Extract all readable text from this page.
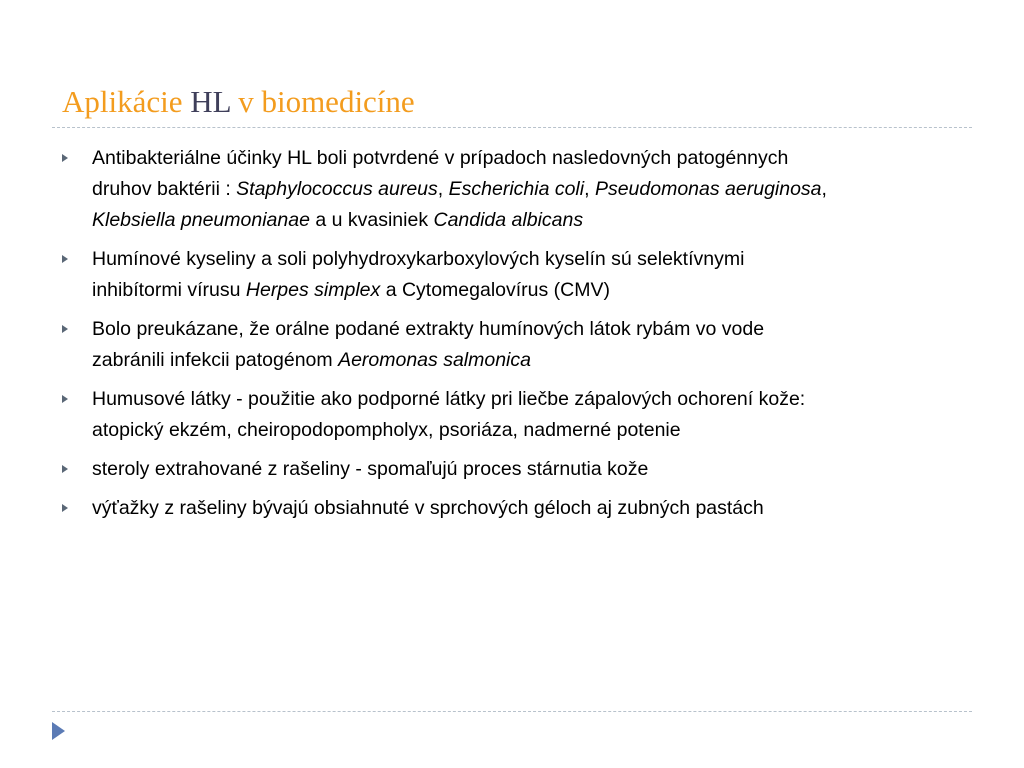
Aplikácie HL v biomedicíne
Antibakteriálne účinky HL boli potvrdené v prípadoch nasledovných patogénnych
druhov baktérii : Staphylococcus aureus, Escherichia coli, Pseudomonas aeruginosa,
Klebsiella pneumonianae a u kvasiniek Candida albicans
Humínové kyseliny a soli polyhydroxykarboxylových kyselín sú selektívnymi
inhibítormi vírusu Herpes simplex a Cytomegalovírus (CMV)
Bolo preukázane, že orálne podané extrakty humínových látok rybám vo vode
zabránili infekcii patogénom Aeromonas salmonica
Humusové látky - použitie ako podporné látky pri liečbe zápalových ochorení kože:
atopický ekzém, cheiropodopompholyx, psoriáza, nadmerné potenie
steroly extrahované z rašeliny - spomaľujú proces stárnutia kože
výťažky z rašeliny bývajú obsiahnuté v sprchových géloch aj zubných pastách
